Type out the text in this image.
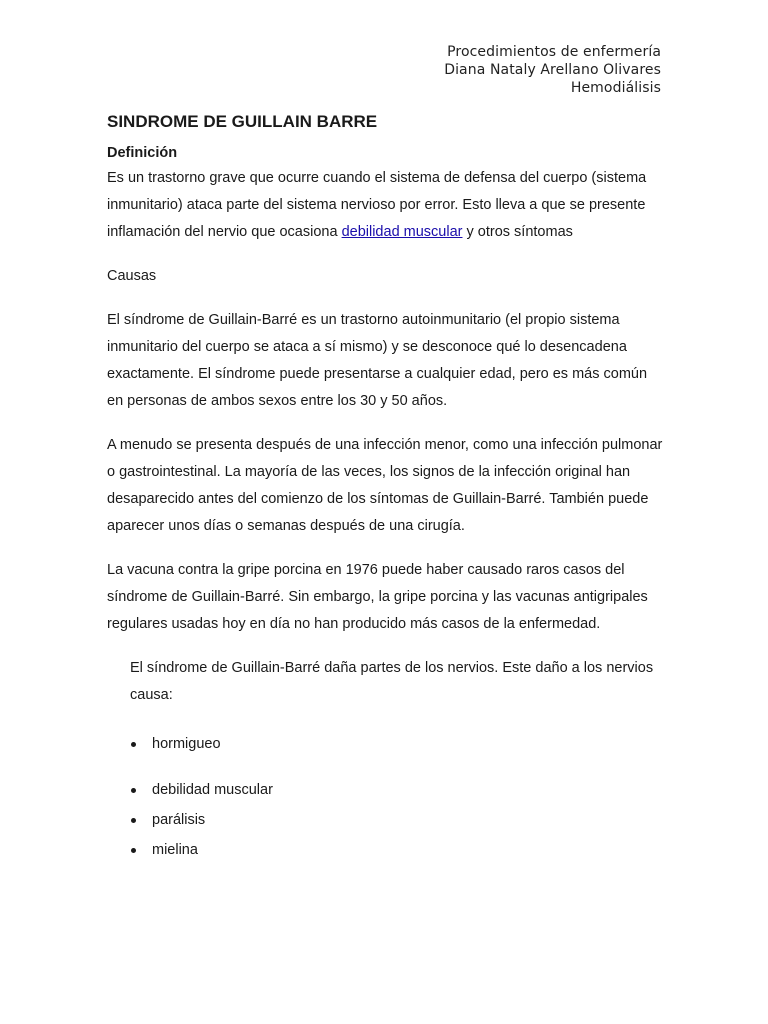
Procedimientos de enfermería
Diana Nataly Arellano Olivares
Hemodiálisis
SINDROME DE GUILLAIN BARRE
Definición

Es un trastorno grave que ocurre cuando el sistema de defensa del cuerpo (sistema inmunitario) ataca parte del sistema nervioso por error. Esto lleva a que se presente inflamación del nervio que ocasiona debilidad muscular y otros síntomas

Causas

El síndrome de Guillain-Barré es un trastorno autoinmunitario (el propio sistema inmunitario del cuerpo se ataca a sí mismo) y se desconoce qué lo desencadena exactamente. El síndrome puede presentarse a cualquier edad, pero es más común en personas de ambos sexos entre los 30 y 50 años.

A menudo se presenta después de una infección menor, como una infección pulmonar o gastrointestinal. La mayoría de las veces, los signos de la infección original han desaparecido antes del comienzo de los síntomas de Guillain-Barré. También puede aparecer unos días o semanas después de una cirugía.

La vacuna contra la gripe porcina en 1976 puede haber causado raros casos del síndrome de Guillain-Barré. Sin embargo, la gripe porcina y las vacunas antigripales regulares usadas hoy en día no han producido más casos de la enfermedad.

El síndrome de Guillain-Barré daña partes de los nervios. Este daño a los nervios causa:

hormigueo
debilidad muscular
parálisis
mielina
